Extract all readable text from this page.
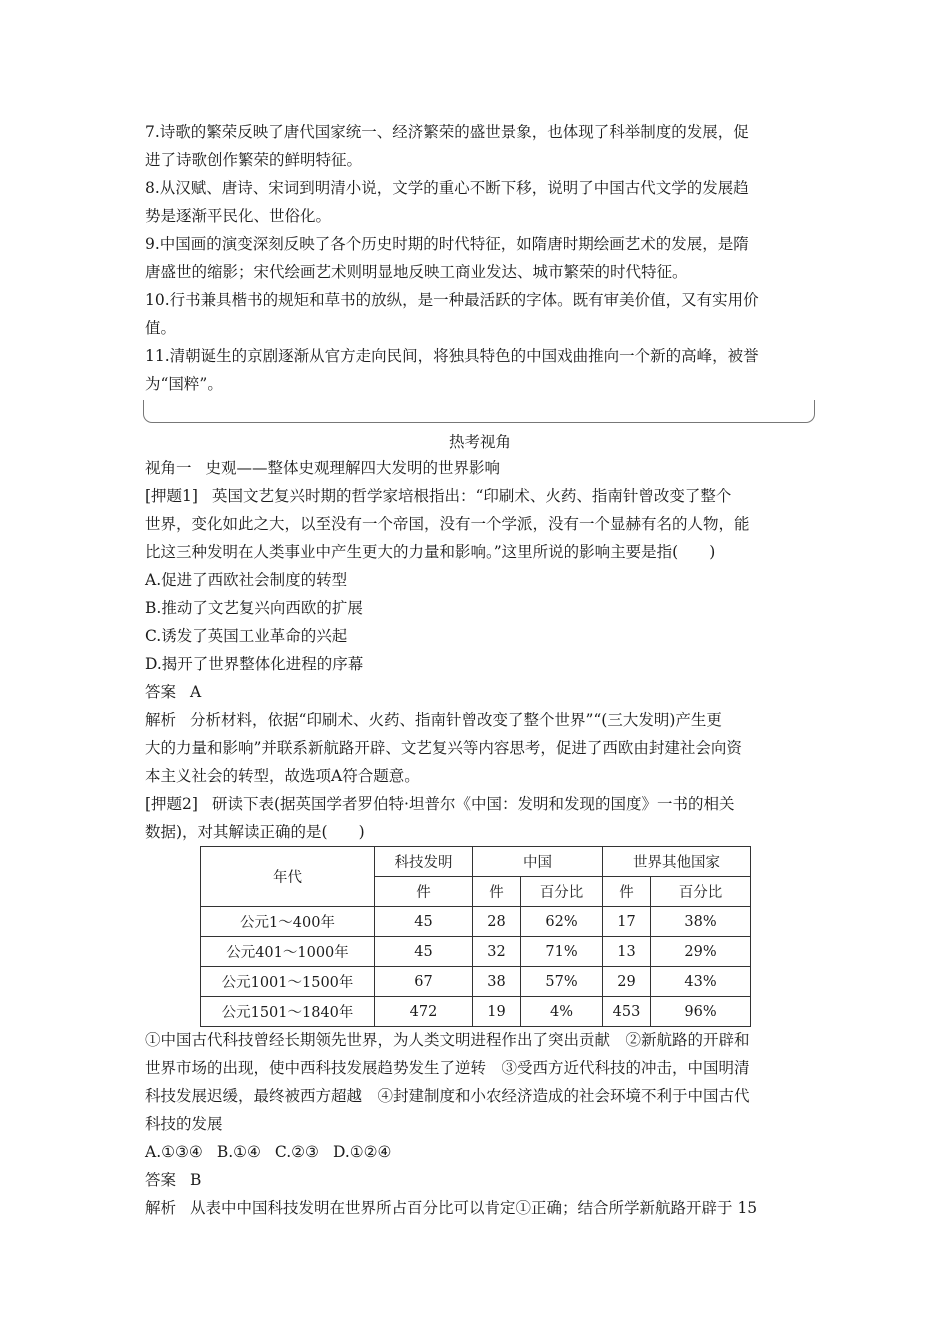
7.诗歌的繁荣反映了唐代国家统一、经济繁荣的盛世景象，也体现了科举制度的发展，促
进了诗歌创作繁荣的鲜明特征。
8.从汉赋、唐诗、宋词到明清小说，文学的重心不断下移，说明了中国古代文学的发展趋
势是逐渐平民化、世俗化。
9.中国画的演变深刻反映了各个历史时期的时代特征，如隋唐时期绘画艺术的发展，是隋
唐盛世的缩影；宋代绘画艺术则明显地反映工商业发达、城市繁荣的时代特征。
10.行书兼具楷书的规矩和草书的放纵，是一种最活跃的字体。既有审美价值，又有实用价
值。
11.清朝诞生的京剧逐渐从官方走向民间，将独具特色的中国戏曲推向一个新的高峰，被誉
为“国粹”。
热考视角
视角一 史观——整体史观理解四大发明的世界影响
[押题1] 英国文艺复兴时期的哲学家培根指出：“印刷术、火药、指南针曾改变了整个
世界，变化如此之大，以至没有一个帝国，没有一个学派，没有一个显赫有名的人物，能
比这三种发明在人类事业中产生更大的力量和影响。”这里所说的影响主要是指(　　)
A.促进了西欧社会制度的转型
B.推动了文艺复兴向西欧的扩展
C.诱发了英国工业革命的兴起
D.揭开了世界整体化进程的序幕
答案 A
解析 分析材料，依据“印刷术、火药、指南针曾改变了整个世界”“(三大发明)产生更
大的力量和影响”并联系新航路开辟、文艺复兴等内容思考，促进了西欧由封建社会向资
本主义社会的转型，故选项A符合题意。
[押题2] 研读下表(据英国学者罗伯特·坦普尔《中国：发明和发现的国度》一书的相关
数据)，对其解读正确的是(　　)
年代	科技发明	中国		世界其他国家	
	件	件	百分比	件	百分比
公元1～400年	45	28	62%	17	38%
公元401～1000年	45	32	71%	13	29%
公元1001～1500年	67	38	57%	29	43%
公元1501～1840年	472	19	4%	453	96%
①中国古代科技曾经长期领先世界，为人类文明进程作出了突出贡献　②新航路的开辟和
世界市场的出现，使中西科技发展趋势发生了逆转　③受西方近代科技的冲击，中国明清
科技发展迟缓，最终被西方超越　④封建制度和小农经济造成的社会环境不利于中国古代
科技的发展
A.①③④ B.①④ C.②③ D.①②④
答案 B
解析 从表中中国科技发明在世界所占百分比可以肯定①正确；结合所学新航路开辟于 15
